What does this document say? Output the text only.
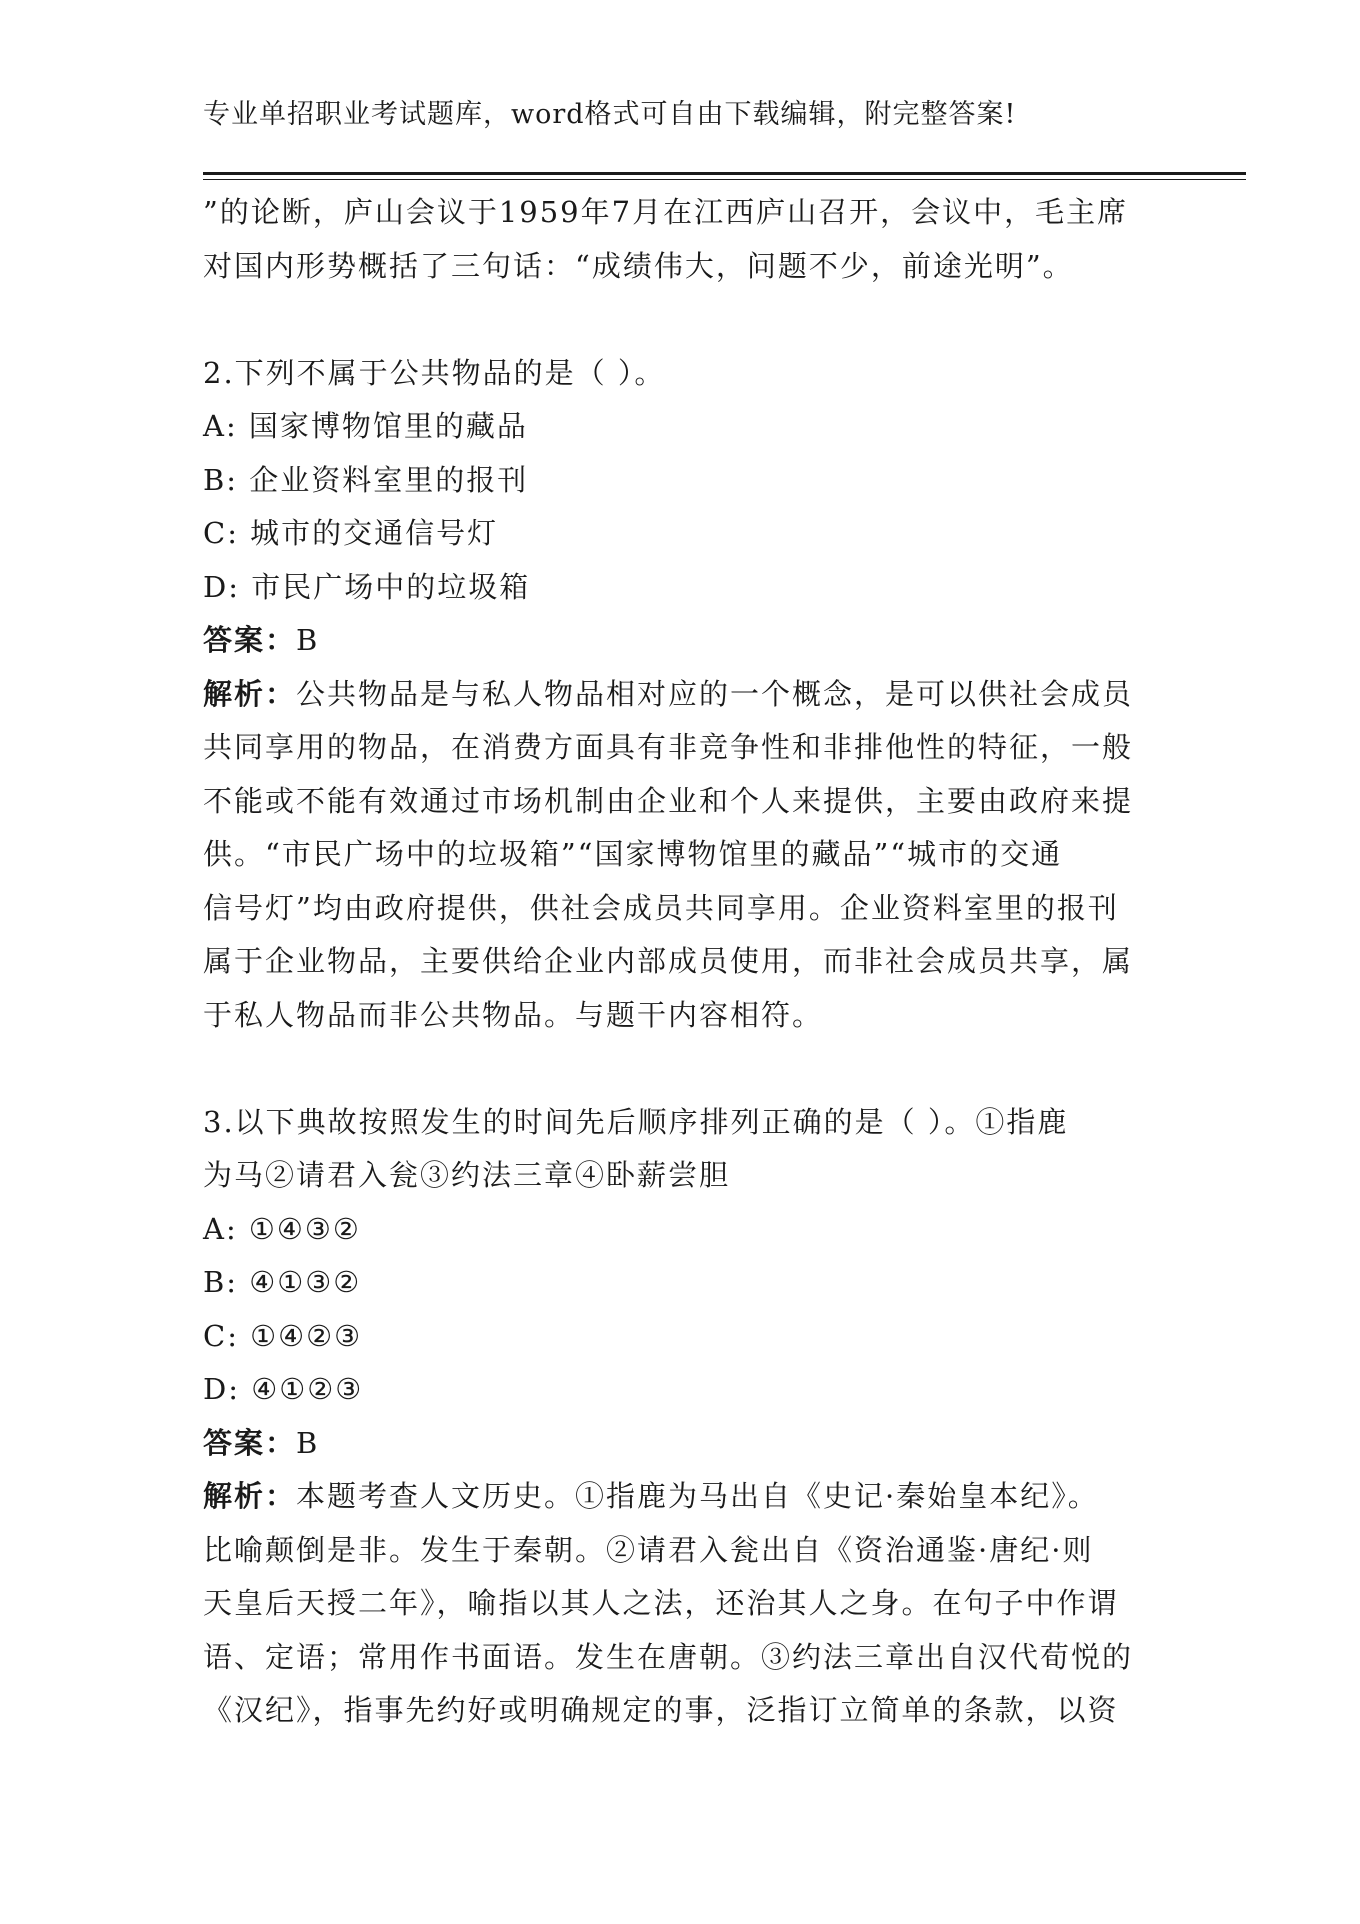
专业单招职业考试题库，word格式可自由下载编辑，附完整答案!
”的论断，庐山会议于1959年7月在江西庐山召开，会议中，毛主席
对国内形势概括了三句话：“成绩伟大，问题不少，前途光明”。
2.下列不属于公共物品的是（ ）。
A: 国家博物馆里的藏品
B: 企业资料室里的报刊
C: 城市的交通信号灯
D: 市民广场中的垃圾箱
答案：B
解析：公共物品是与私人物品相对应的一个概念，是可以供社会成员
共同享用的物品，在消费方面具有非竞争性和非排他性的特征，一般
不能或不能有效通过市场机制由企业和个人来提供，主要由政府来提
供。“市民广场中的垃圾箱”“国家博物馆里的藏品”“城市的交通
信号灯”均由政府提供，供社会成员共同享用。企业资料室里的报刊
属于企业物品，主要供给企业内部成员使用，而非社会成员共享，属
于私人物品而非公共物品。与题干内容相符。
3.以下典故按照发生的时间先后顺序排列正确的是（ ）。①指鹿
为马②请君入瓮③约法三章④卧薪尝胆
A: ①④③②
B: ④①③②
C: ①④②③
D: ④①②③
答案：B
解析：本题考查人文历史。①指鹿为马出自《史记·秦始皇本纪》。
比喻颠倒是非。发生于秦朝。②请君入瓮出自《资治通鉴·唐纪·则
天皇后天授二年》，喻指以其人之法，还治其人之身。在句子中作谓
语、定语；常用作书面语。发生在唐朝。③约法三章出自汉代荀悦的
《汉纪》，指事先约好或明确规定的事，泛指订立简单的条款，以资
